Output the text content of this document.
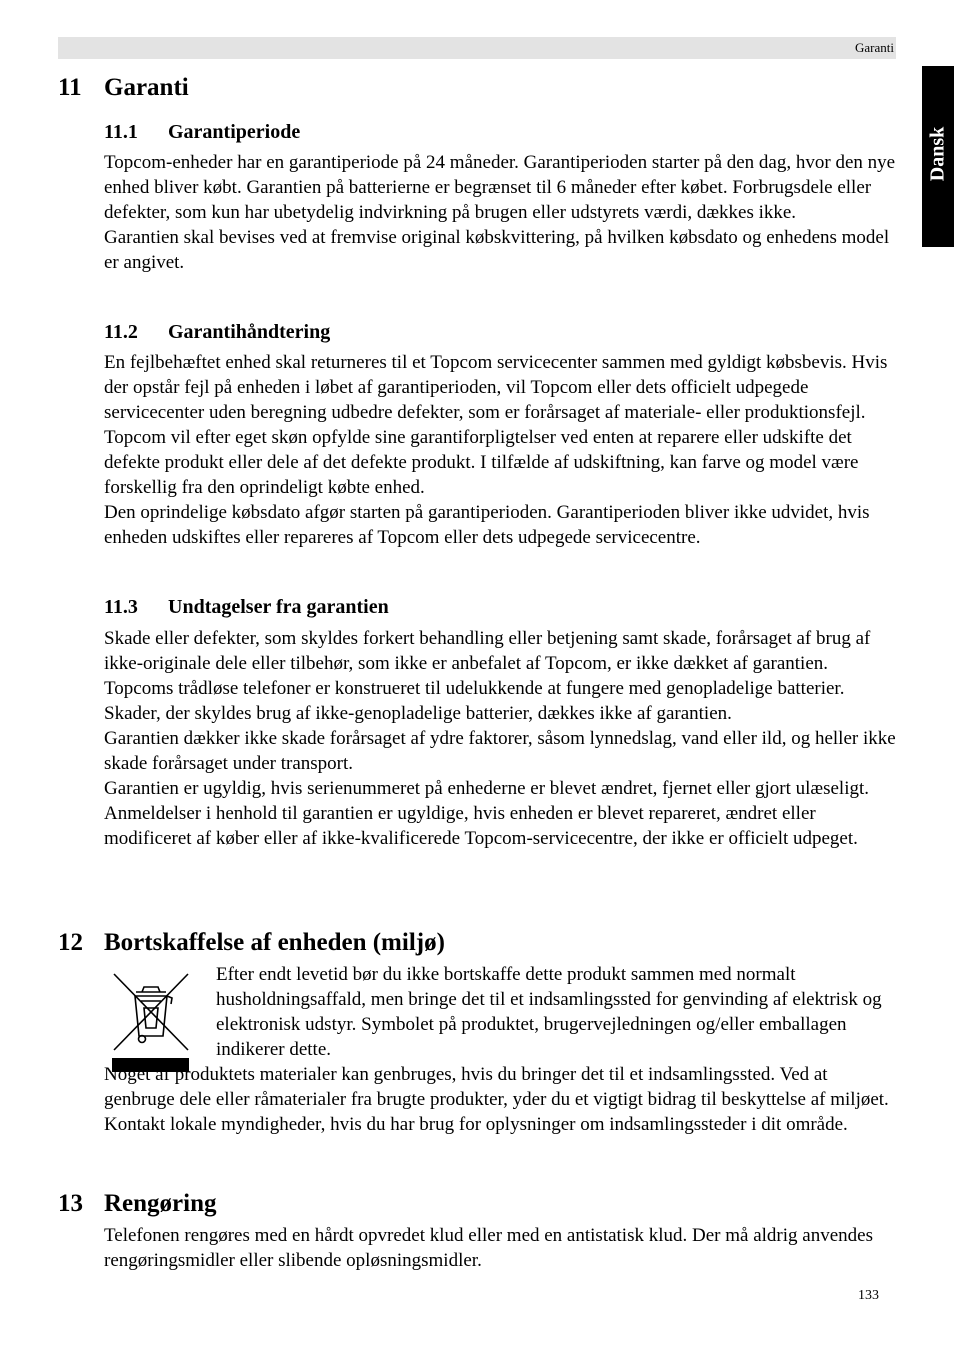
Garanti
Dansk
11 Garanti
11.1 Garantiperiode

Topcom-enheder har en garantiperiode på 24 måneder. Garantiperioden starter på den dag, hvor den nye enhed bliver købt. Garantien på batterierne er begrænset til 6 måneder efter købet. Forbrugsdele eller defekter, som kun har ubetydelig indvirkning på brugen eller udstyrets værdi, dækkes ikke.

Garantien skal bevises ved at fremvise original købskvittering, på hvilken købsdato og enhedens model er angivet.

11.2 Garantihåndtering

En fejlbehæftet enhed skal returneres til et Topcom servicecenter sammen med gyldigt købsbevis. Hvis der opstår fejl på enheden i løbet af garantiperioden, vil Topcom eller dets officielt udpegede servicecenter uden beregning udbedre defekter, som er forårsaget af materiale- eller produktionsfejl.

Topcom vil efter eget skøn opfylde sine garantiforpligtelser ved enten at reparere eller udskifte det defekte produkt eller dele af det defekte produkt. I tilfælde af udskiftning, kan farve og model være forskellig fra den oprindeligt købte enhed.

Den oprindelige købsdato afgør starten på garantiperioden. Garantiperioden bliver ikke udvidet, hvis enheden udskiftes eller repareres af Topcom eller dets udpegede servicecentre.

11.3 Undtagelser fra garantien

Skade eller defekter, som skyldes forkert behandling eller betjening samt skade, forårsaget af brug af ikke-originale dele eller tilbehør, som ikke er anbefalet af Topcom, er ikke dækket af garantien.

Topcoms trådløse telefoner er konstrueret til udelukkende at fungere med genopladelige batterier. Skader, der skyldes brug af ikke-genopladelige batterier, dækkes ikke af garantien.

Garantien dækker ikke skade forårsaget af ydre faktorer, såsom lynnedslag, vand eller ild, og heller ikke skade forårsaget under transport.

Garantien er ugyldig, hvis serienummeret på enhederne er blevet ændret, fjernet eller gjort ulæseligt.

Anmeldelser i henhold til garantien er ugyldige, hvis enheden er blevet repareret, ændret eller modificeret af køber eller af ikke-kvalificerede Topcom-servicecentre, der ikke er officielt udpeget.

12 Bortskaffelse af enheden (miljø)

Efter endt levetid bør du ikke bortskaffe dette produkt sammen med normalt husholdningsaffald, men bringe det til et indsamlingssted for genvinding af elektrisk og elektronisk udstyr. Symbolet på produktet, brugervejledningen og/eller emballagen indikerer dette.

Noget af produktets materialer kan genbruges, hvis du bringer det til et indsamlingssted. Ved at genbruge dele eller råmaterialer fra brugte produkter, yder du et vigtigt bidrag til beskyttelse af miljøet.

Kontakt lokale myndigheder, hvis du har brug for oplysninger om indsamlingssteder i dit område.

13 Rengøring

Telefonen rengøres med en hårdt opvredet klud eller med en antistatisk klud. Der må aldrig anvendes rengøringsmidler eller slibende opløsningsmidler.

133
